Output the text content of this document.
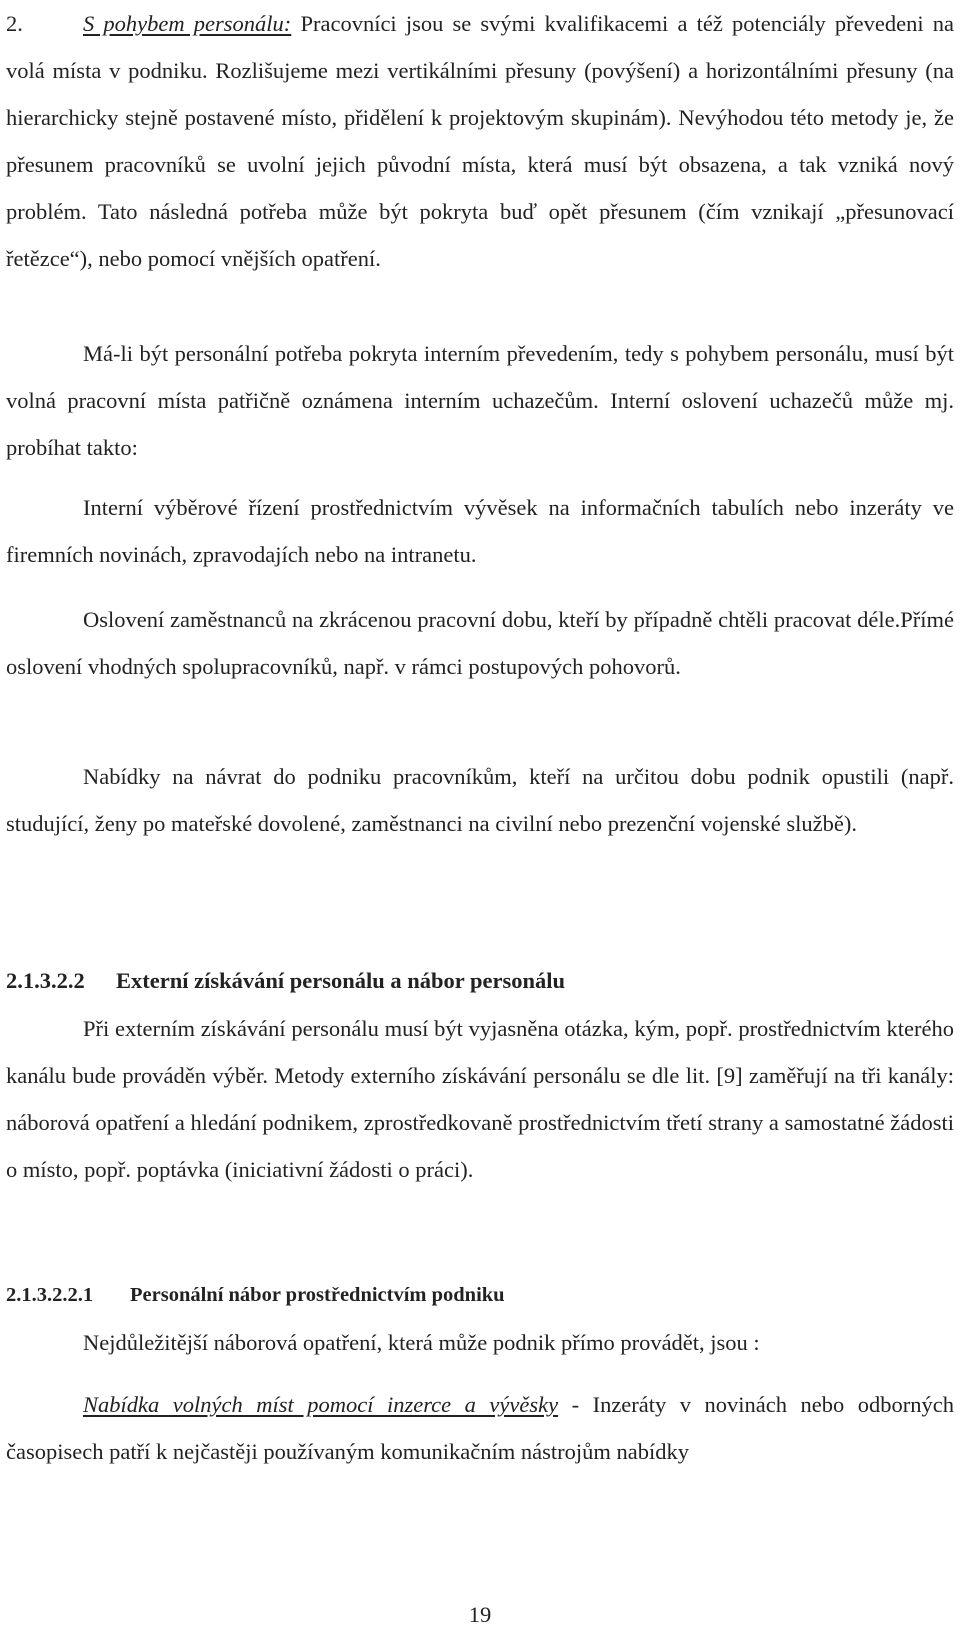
2.	S pohybem personálu: Pracovníci jsou se svými kvalifikacemi a též potenciály převedeni na volá místa v podniku. Rozlišujeme mezi vertikálními přesuny (povýšení) a horizontálními přesuny (na hierarchicky stejně postavené místo, přidělení k projektovým skupinám). Nevýhodou této metody je, že přesunem pracovníků se uvolní jejich původní místa, která musí být obsazena, a tak vzniká nový problém. Tato následná potřeba může být pokryta buď opět přesunem (čím vznikají „přesunovací řetězce“), nebo pomocí vnějších opatření.

Má-li být personální potřeba pokryta interním převedením, tedy s pohybem personálu, musí být volná pracovní místa patřičně oznámena interním uchazečům. Interní oslovení uchazečů může mj. probíhat takto:

Interní výběrové řízení prostřednictvím vývěsek na informačních tabulích nebo inzeráty ve firemních novinách, zpravodajích nebo na intranetu.

Oslovení zaměstnanců na zkrácenou pracovní dobu, kteří by případně chtěli pracovat déle.Přímé oslovení vhodných spolupracovníků, např. v rámci postupových pohovorů.

Nabídky na návrat do podniku pracovníkům, kteří na určitou dobu podnik opustili (např. studující, ženy po mateřské dovolené, zaměstnanci na civilní nebo prezenční vojenské službě).

2.1.3.2.2 Externí získávání personálu a nábor personálu

Při externím získávání personálu musí být vyjasněna otázka, kým, popř. prostřednictvím kterého kanálu bude prováděn výběr. Metody externího získávání personálu se dle lit. [9] zaměřují na tři kanály: náborová opatření a hledání podnikem, zprostředkovaně prostřednictvím třetí strany a samostatné žádosti o místo, popř. poptávka (iniciativní žádosti o práci).

2.1.3.2.2.1 Personální nábor prostřednictvím podniku

Nejdůležitější náborová opatření, která může podnik přímo provádět, jsou :

Nabídka volných míst pomocí inzerce a vývěsky - Inzeráty v novinách nebo odborných časopisech patří k nejčastěji používaným komunikačním nástrojům nabídky

19
